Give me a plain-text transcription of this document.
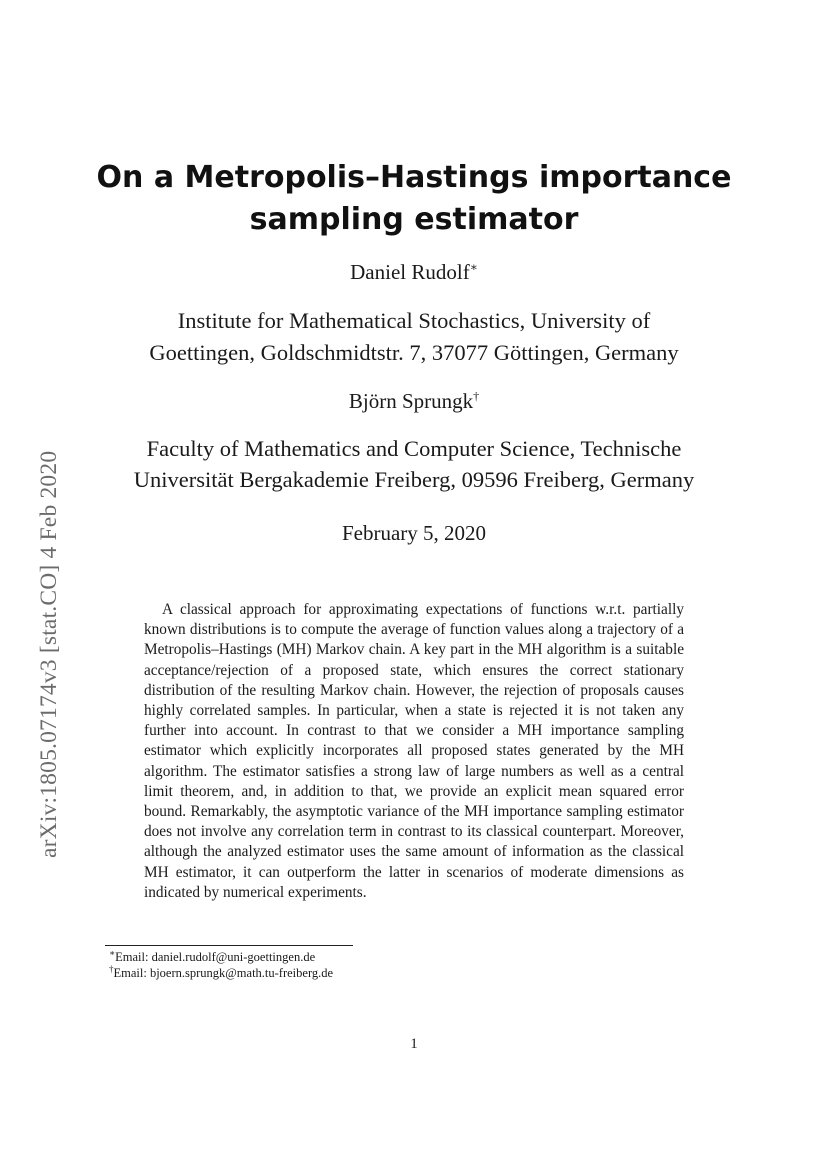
arXiv:1805.07174v3 [stat.CO] 4 Feb 2020
On a Metropolis–Hastings importance
sampling estimator
Daniel Rudolf∗
Institute for Mathematical Stochastics, University of
Goettingen, Goldschmidtstr. 7, 37077 Göttingen, Germany
Björn Sprungk†
Faculty of Mathematics and Computer Science, Technische
Universität Bergakademie Freiberg, 09596 Freiberg, Germany
February 5, 2020

A classical approach for approximating expectations of functions w.r.t. partially known distributions is to compute the average of function values along a trajectory of a Metropolis–Hastings (MH) Markov chain. A key part in the MH algorithm is a suitable acceptance/rejection of a proposed state, which ensures the correct stationary distribution of the resulting Markov chain. However, the rejection of proposals causes highly correlated samples. In particular, when a state is rejected it is not taken any further into account. In contrast to that we consider a MH importance sampling estimator which explicitly incorporates all proposed states generated by the MH algorithm. The estimator satisfies a strong law of large numbers as well as a central limit theorem, and, in addition to that, we provide an explicit mean squared error bound. Remarkably, the asymptotic variance of the MH importance sampling estimator does not involve any correlation term in contrast to its classical counterpart. Moreover, although the analyzed estimator uses the same amount of information as the classical MH estimator, it can outperform the latter in scenarios of moderate dimensions as indicated by numerical experiments.

∗Email: daniel.rudolf@uni-goettingen.de
†Email: bjoern.sprungk@math.tu-freiberg.de
1
